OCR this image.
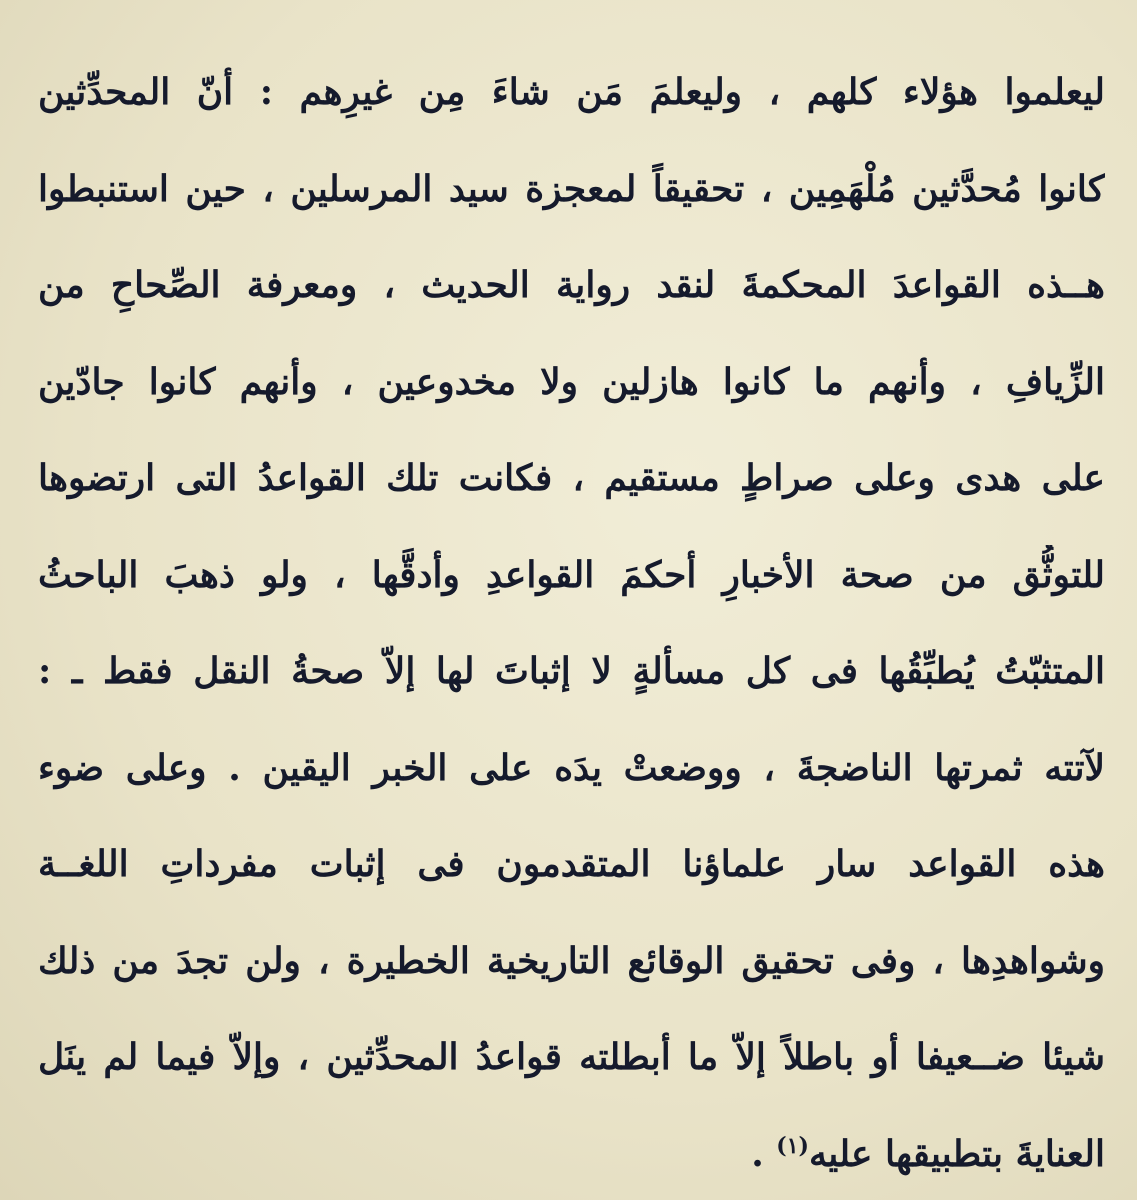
ليعلموا هؤلاء كلهم ، وليعلمَ مَن شاءَ مِن غيرِهم : أنّ المحدِّثين
كانوا مُحدَّثين مُلْهَمِين ، تحقيقاً لمعجزة سيد المرسلين ، حين استنبطوا
هــذه القواعدَ المحكمةَ لنقد رواية الحديث ، ومعرفة الصِّحاحِ من
الزِّيافِ ، وأنهم ما كانوا هازلين ولا مخدوعين ، وأنهم كانوا جادّين
على هدى وعلى صراطٍ مستقيم ، فكانت تلك القواعدُ التى ارتضوها
للتوثُّق من صحة الأخبارِ أحكمَ القواعدِ وأدقَّها ، ولو ذهبَ الباحثُ
المتثبّتُ يُطبِّقُها فى كل مسألةٍ لا إثباتَ لها إلاّ صحةُ النقل فقط ـ :
لآتته ثمرتها الناضجةَ ، ووضعتْ يدَه على الخبر اليقين . وعلى ضوء
هذه القواعد سار علماؤنا المتقدمون فى إثبات مفرداتِ اللغــة
وشواهدِها ، وفى تحقيق الوقائع التاريخية الخطيرة ، ولن تجدَ من ذلك
شيئا ضــعيفا أو باطلاً إلاّ ما أبطلته قواعدُ المحدِّثين ، وإلاّ فيما لم ينَل
العنايةَ بتطبيقها عليه$^{(١)}$ .
